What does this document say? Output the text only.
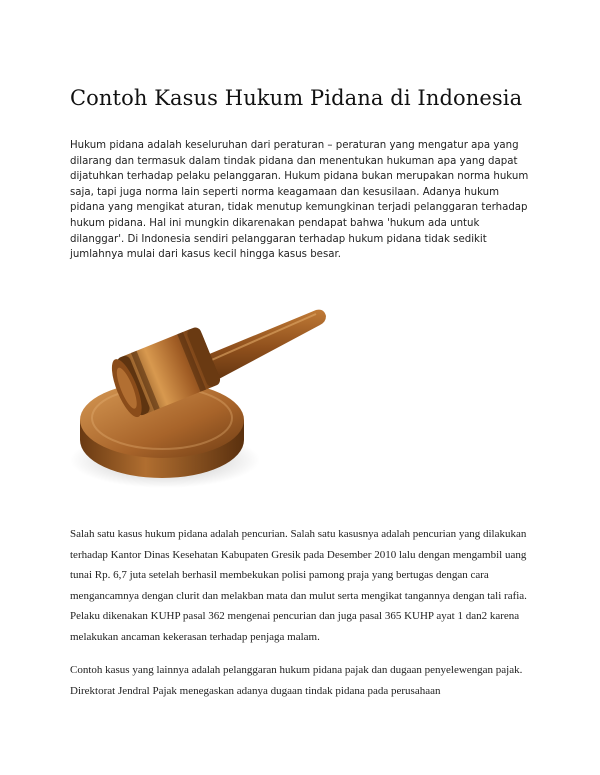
Contoh Kasus Hukum Pidana di Indonesia

Hukum pidana adalah keseluruhan dari peraturan – peraturan yang mengatur apa yang dilarang dan termasuk dalam tindak pidana dan menentukan hukuman apa yang dapat dijatuhkan terhadap pelaku pelanggaran. Hukum pidana bukan merupakan norma hukum saja, tapi juga norma lain seperti norma keagamaan dan kesusilaan. Adanya hukum pidana yang mengikat aturan, tidak menutup kemungkinan terjadi pelanggaran terhadap hukum pidana. Hal ini mungkin dikarenakan pendapat bahwa 'hukum ada untuk dilanggar'. Di Indonesia sendiri pelanggaran terhadap hukum pidana tidak sedikit jumlahnya mulai dari kasus kecil hingga kasus besar.

Salah satu kasus hukum pidana adalah pencurian. Salah satu kasusnya adalah pencurian yang dilakukan terhadap Kantor Dinas Kesehatan Kabupaten Gresik pada Desember 2010 lalu dengan mengambil uang tunai Rp. 6,7 juta setelah berhasil membekukan polisi pamong praja yang bertugas dengan cara mengancamnya dengan clurit dan melakban mata dan mulut serta mengikat tangannya dengan tali rafia. Pelaku dikenakan KUHP pasal 362 mengenai pencurian dan juga pasal 365 KUHP ayat 1 dan2 karena melakukan ancaman kekerasan terhadap penjaga malam.

Contoh kasus yang lainnya adalah pelanggaran hukum pidana pajak dan dugaan penyelewengan pajak. Direktorat Jendral Pajak menegaskan adanya dugaan tindak pidana pada perusahaan
